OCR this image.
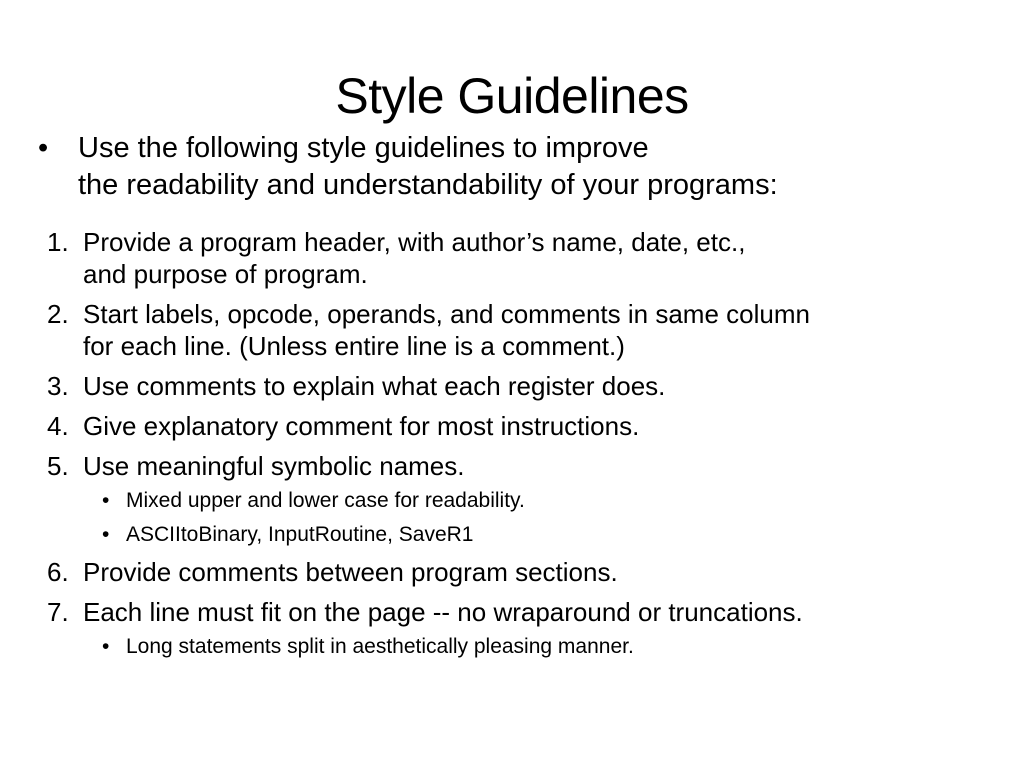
Style Guidelines
• Use the following style guidelines to improve
the readability and understandability of your programs:
1. Provide a program header, with author’s name, date, etc.,
and purpose of program.
2. Start labels, opcode, operands, and comments in same column
for each line. (Unless entire line is a comment.)
3. Use comments to explain what each register does.
4. Give explanatory comment for most instructions.
5. Use meaningful symbolic names.
• Mixed upper and lower case for readability.
• ASCIItoBinary, InputRoutine, SaveR1
6. Provide comments between program sections.
7. Each line must fit on the page -- no wraparound or truncations.
• Long statements split in aesthetically pleasing manner.
